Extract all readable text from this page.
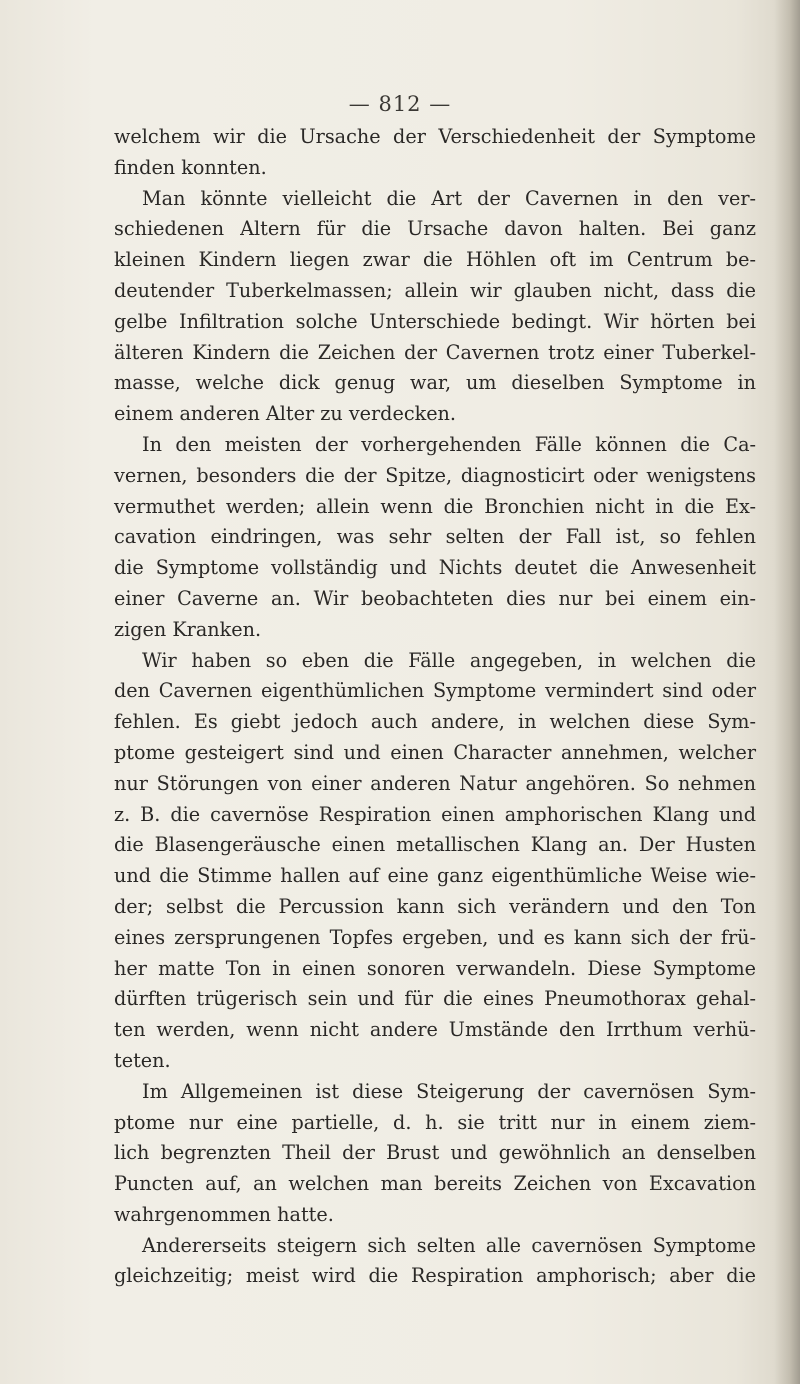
— 812 —
welchem wir die Ursache der Verschiedenheit der Symptome
finden konnten.
Man könnte vielleicht die Art der Cavernen in den ver-
schiedenen Altern für die Ursache davon halten. Bei ganz
kleinen Kindern liegen zwar die Höhlen oft im Centrum be-
deutender Tuberkelmassen; allein wir glauben nicht, dass die
gelbe Infiltration solche Unterschiede bedingt. Wir hörten bei
älteren Kindern die Zeichen der Cavernen trotz einer Tuberkel-
masse, welche dick genug war, um dieselben Symptome in
einem anderen Alter zu verdecken.
In den meisten der vorhergehenden Fälle können die Ca-
vernen, besonders die der Spitze, diagnosticirt oder wenigstens
vermuthet werden; allein wenn die Bronchien nicht in die Ex-
cavation eindringen, was sehr selten der Fall ist, so fehlen
die Symptome vollständig und Nichts deutet die Anwesenheit
einer Caverne an. Wir beobachteten dies nur bei einem ein-
zigen Kranken.
Wir haben so eben die Fälle angegeben, in welchen die
den Cavernen eigenthümlichen Symptome vermindert sind oder
fehlen. Es giebt jedoch auch andere, in welchen diese Sym-
ptome gesteigert sind und einen Character annehmen, welcher
nur Störungen von einer anderen Natur angehören. So nehmen
z. B. die cavernöse Respiration einen amphorischen Klang und
die Blasengeräusche einen metallischen Klang an. Der Husten
und die Stimme hallen auf eine ganz eigenthümliche Weise wie-
der; selbst die Percussion kann sich verändern und den Ton
eines zersprungenen Topfes ergeben, und es kann sich der frü-
her matte Ton in einen sonoren verwandeln. Diese Symptome
dürften trügerisch sein und für die eines Pneumothorax gehal-
ten werden, wenn nicht andere Umstände den Irrthum verhü-
teten.
Im Allgemeinen ist diese Steigerung der cavernösen Sym-
ptome nur eine partielle, d. h. sie tritt nur in einem ziem-
lich begrenzten Theil der Brust und gewöhnlich an denselben
Puncten auf, an welchen man bereits Zeichen von Excavation
wahrgenommen hatte.
Andererseits steigern sich selten alle cavernösen Symptome
gleichzeitig; meist wird die Respiration amphorisch; aber die
